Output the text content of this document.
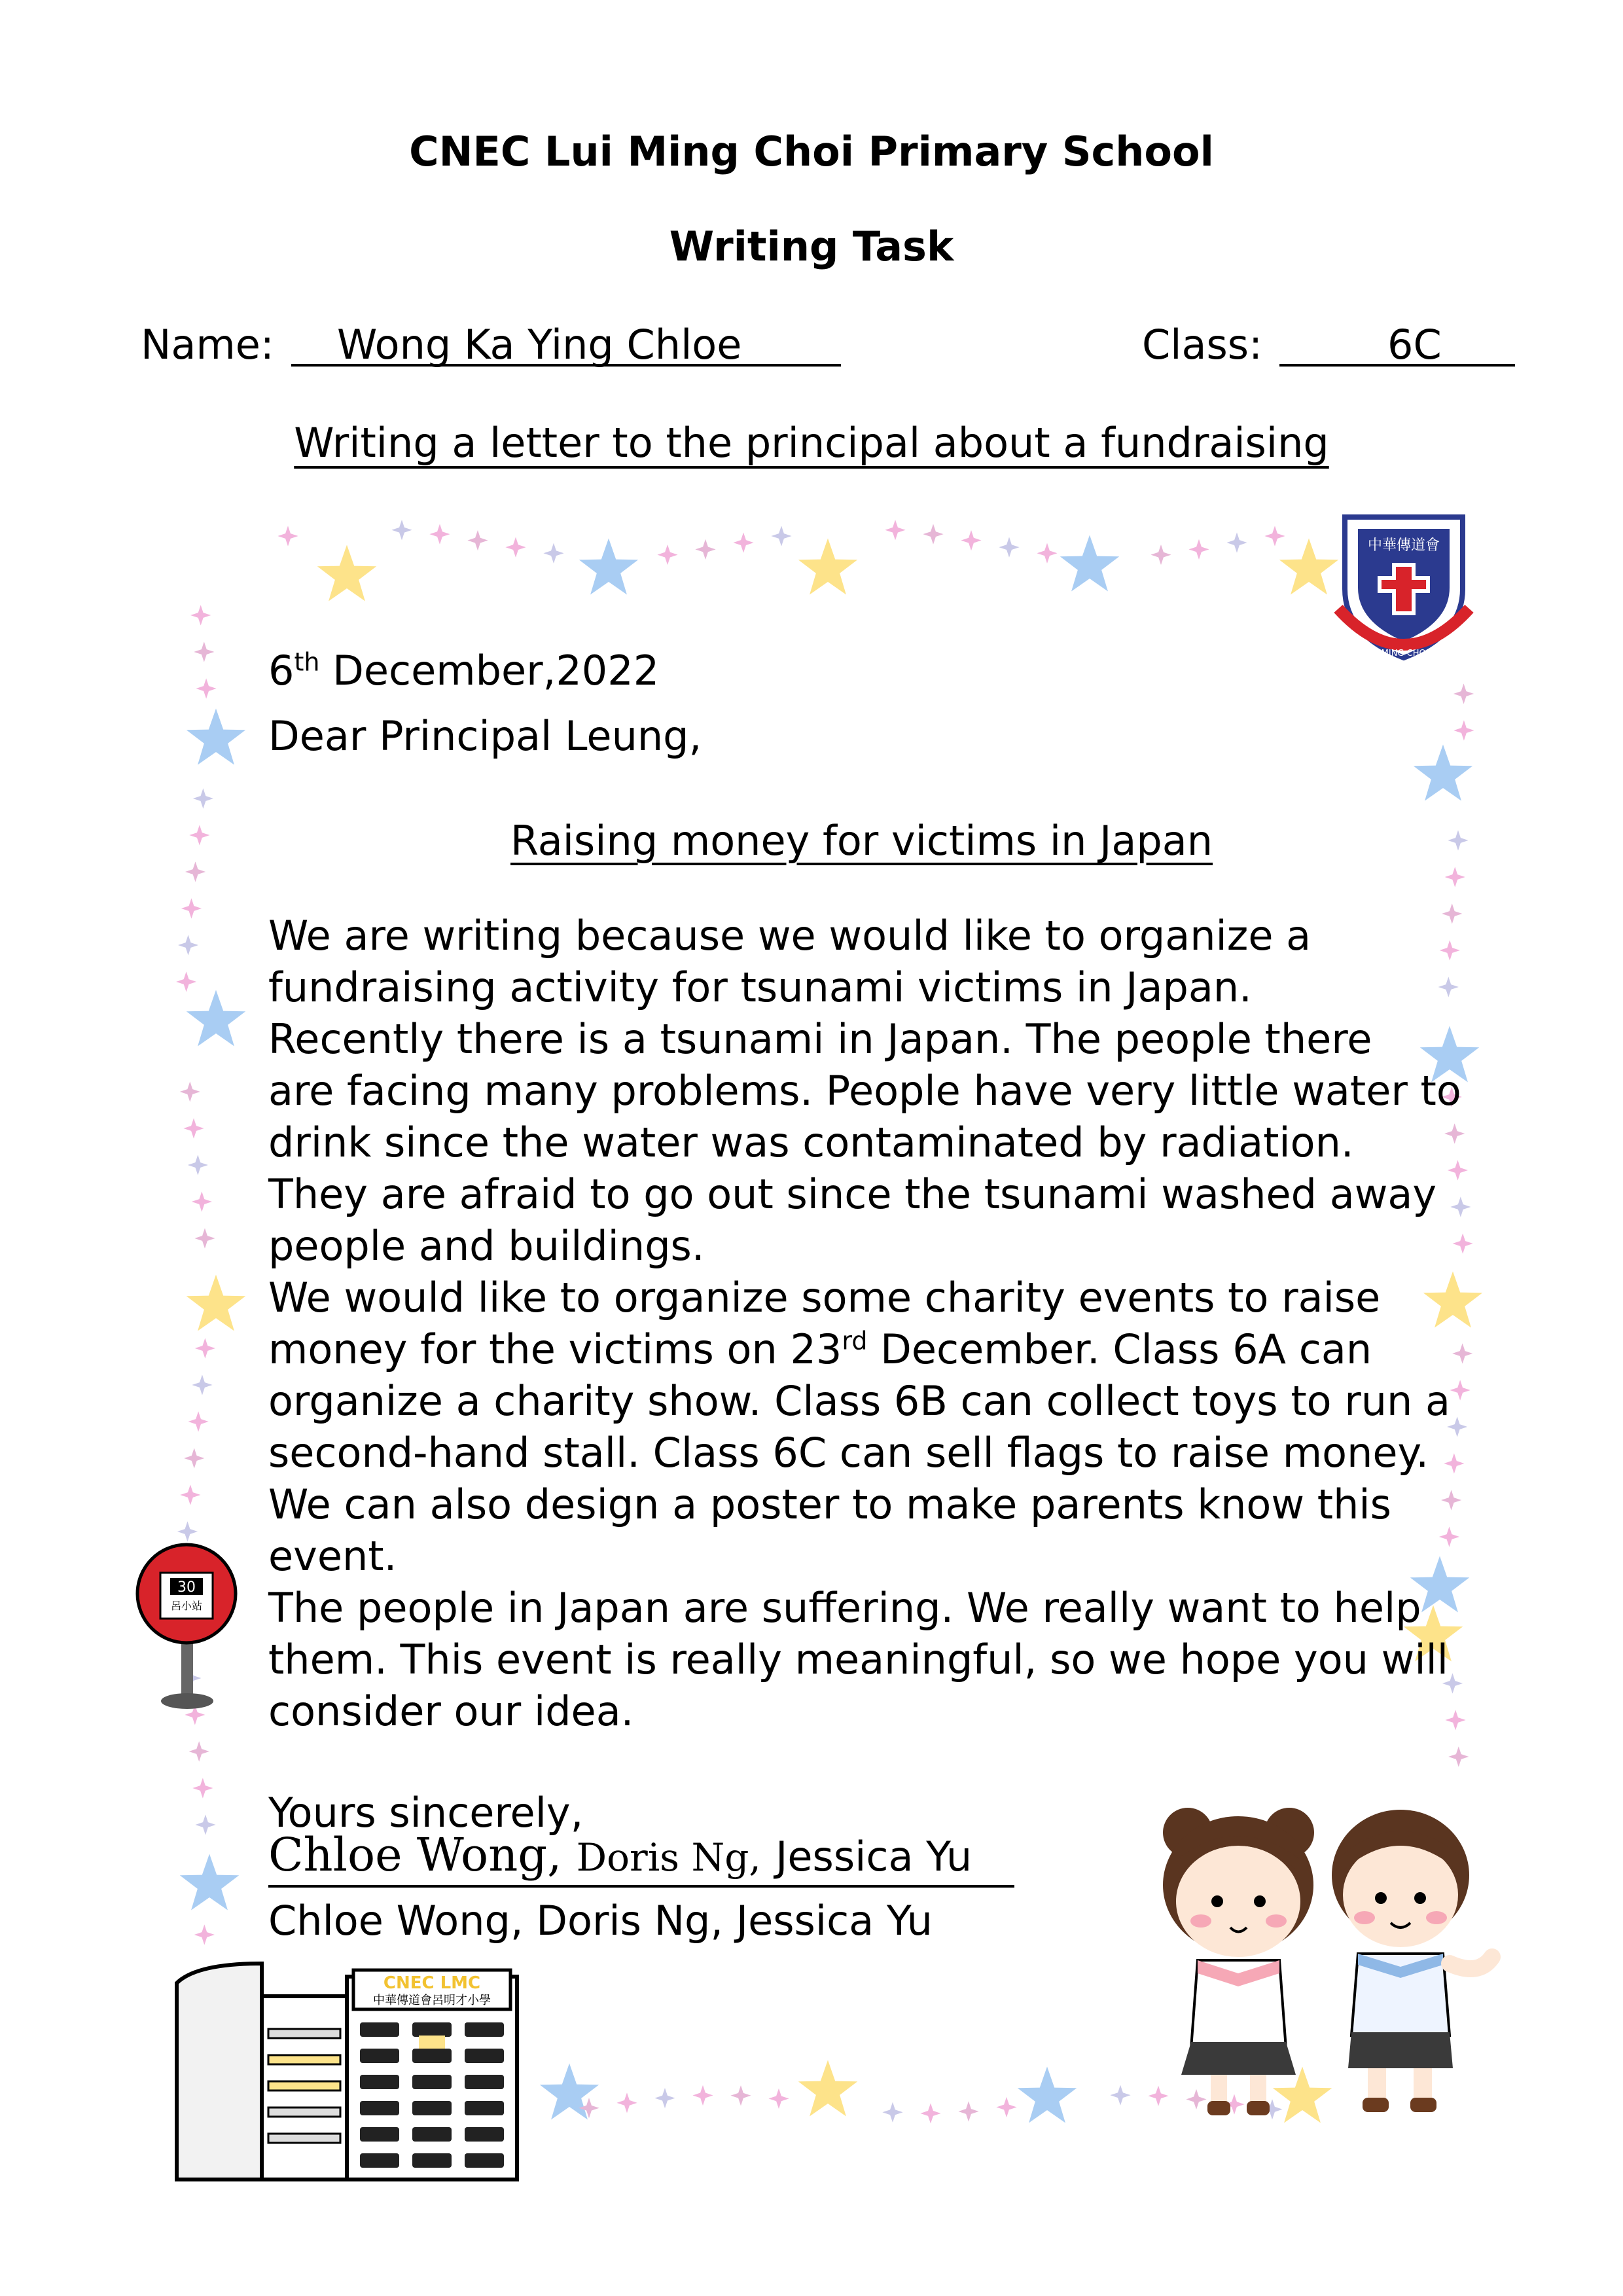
CNEC Lui Ming Choi Primary School
Writing Task
Name: Wong Ka Ying Chloe	Class:	6C
Writing a letter to the principal about a fundraising
中華傳道會
CNEC LUI MING CHOI PRIMARY
6th December,2022
Dear Principal Leung,
Raising money for victims in Japan
We are writing because we would like to organize a
fundraising activity for tsunami victims in Japan.
Recently there is a tsunami in Japan. The people there
are facing many problems. People have very little water to
drink since the water was contaminated by radiation.
They are afraid to go out since the tsunami washed away
people and buildings.
We would like to organize some charity events to raise
money for the victims on 23rd December. Class 6A can
organize a charity show. Class 6B can collect toys to run a
second-hand stall. Class 6C can sell flags to raise money.
We can also design a poster to make parents know this
event.
The people in Japan are suffering. We really want to help
them. This event is really meaningful, so we hope you will
consider our idea.
Yours sincerely,
Chloe Wong, Doris Ng, Jessica Yu
Chloe Wong, Doris Ng, Jessica Yu
30
呂小站
CNEC LMC
中華傳道會呂明才小學
